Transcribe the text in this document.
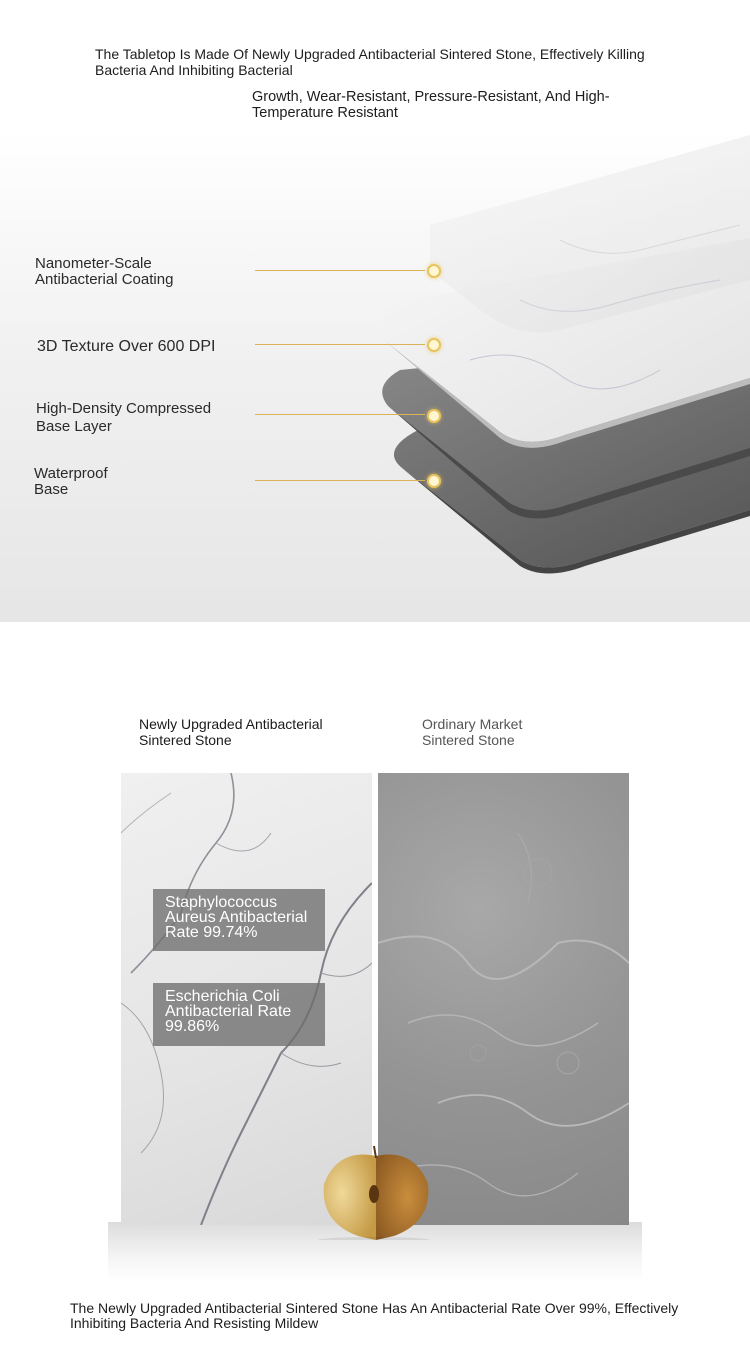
The Tabletop Is Made Of Newly Upgraded Antibacterial Sintered Stone, Effectively Killing Bacteria And Inhibiting Bacterial
Growth, Wear-Resistant, Pressure-Resistant, And High-Temperature Resistant
Nanometer-Scale Antibacterial Coating
3D Texture Over 600 DPI
High-Density Compressed Base Layer
Waterproof Base
Newly Upgraded Antibacterial Sintered Stone
Ordinary Market Sintered Stone
Staphylococcus Aureus Antibacterial Rate 99.74%
Escherichia Coli Antibacterial Rate 99.86%
The Newly Upgraded Antibacterial Sintered Stone Has An Antibacterial Rate Over 99%, Effectively Inhibiting Bacteria And Resisting Mildew
